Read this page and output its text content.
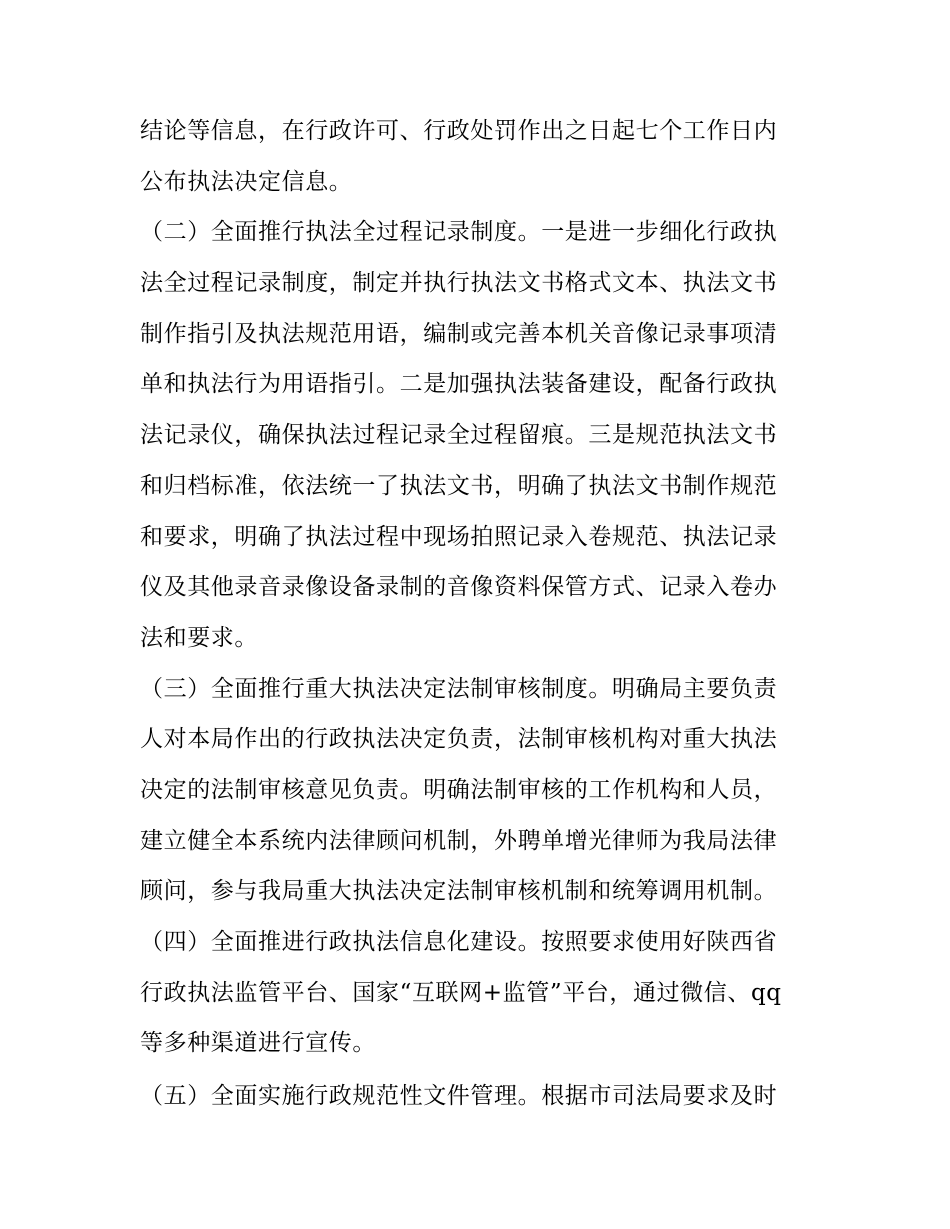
结论等信息，在行政许可、行政处罚作出之日起七个工作日内
公布执法决定信息。
（二）全面推行执法全过程记录制度。一是进一步细化行政执
法全过程记录制度，制定并执行执法文书格式文本、执法文书
制作指引及执法规范用语，编制或完善本机关音像记录事项清
单和执法行为用语指引。二是加强执法装备建设，配备行政执
法记录仪，确保执法过程记录全过程留痕。三是规范执法文书
和归档标准，依法统一了执法文书，明确了执法文书制作规范
和要求，明确了执法过程中现场拍照记录入卷规范、执法记录
仪及其他录音录像设备录制的音像资料保管方式、记录入卷办
法和要求。
（三）全面推行重大执法决定法制审核制度。明确局主要负责
人对本局作出的行政执法决定负责，法制审核机构对重大执法
决定的法制审核意见负责。明确法制审核的工作机构和人员，
建立健全本系统内法律顾问机制，外聘单增光律师为我局法律
顾问，参与我局重大执法决定法制审核机制和统筹调用机制。
（四）全面推进行政执法信息化建设。按照要求使用好陕西省
行政执法监管平台、国家“互联网+监管”平台，通过微信、qq
等多种渠道进行宣传。
（五）全面实施行政规范性文件管理。根据市司法局要求及时
